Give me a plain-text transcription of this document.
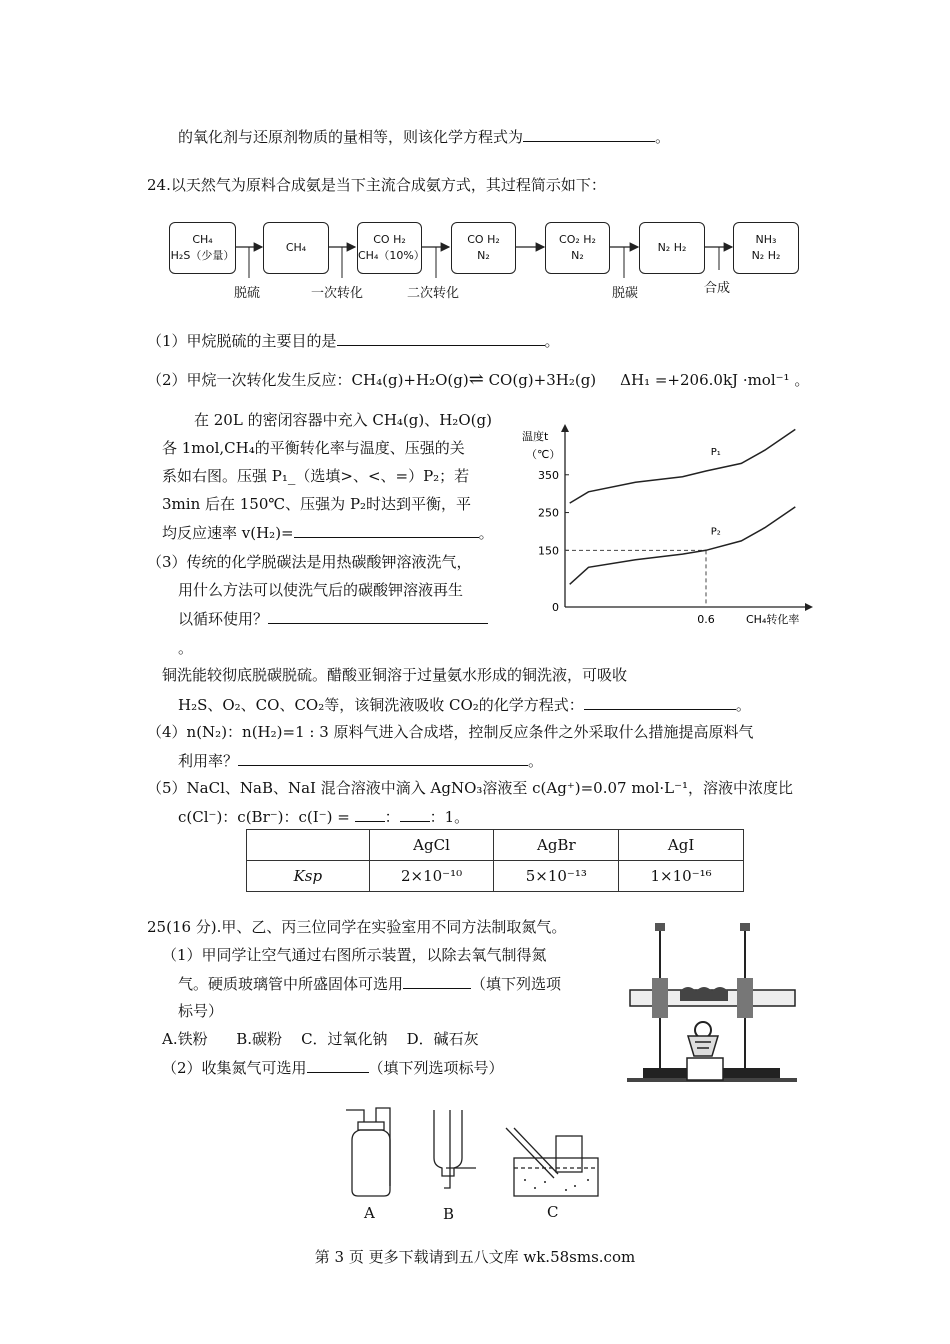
的氧化剂与还原剂物质的量相等，则该化学方程式为	。
24.以天然气为原料合成氨是当下主流合成氨方式，其过程简示如下：
CH₄
H₂S（少量）
CH₄
CO H₂
CH₄（10%）
CO H₂
N₂
CO₂ H₂
N₂
N₂ H₂
NH₃
N₂ H₂
脱硫	一次转化	二次转化	脱碳	合成
（1）甲烷脱硫的主要目的是	。
（2）甲烷一次转化发生反应：CH₄(g)+H₂O(g)⇌ CO(g)+3H₂(g) ΔH₁ =+206.0kJ ·mol⁻¹ 。
在 20L 的密闭容器中充入 CH₄(g)、H₂O(g)
各 1mol,CH₄的平衡转化率与温度、压强的关
系如右图。压强 P₁_（选填>、<、=）P₂；若
3min 后在 150℃、压强为 P₂时达到平衡，平
均反应速率 v(H₂)=	。
（3）传统的化学脱碳法是用热碳酸钾溶液洗气，
用什么方法可以使洗气后的碳酸钾溶液再生
以循环使用？
。
温度t
（℃）
CH₄转化率
350
250
150
0
0.6
P₁
P₂
铜洗能较彻底脱碳脱硫。醋酸亚铜溶于过量氨水形成的铜洗液，可吸收
H₂S、O₂、CO、CO₂等，该铜洗液吸收 CO₂的化学方程式：	。
（4）n(N₂)：n(H₂)=1 : 3 原料气进入合成塔，控制反应条件之外采取什么措施提高原料气
利用率？	。
（5）NaCl、NaB、NaI 混合溶液中滴入 AgNO₃溶液至 c(Ag⁺)=0.07 mol·L⁻¹，溶液中浓度比
c(Cl⁻)：c(Br⁻)：c(I⁻) = ： ：1。
	AgCl	AgBr	AgI
Ksp	2×10⁻¹⁰	5×10⁻¹³	1×10⁻¹⁶
25(16 分).甲、乙、丙三位同学在实验室用不同方法制取氮气。
（1）甲同学让空气通过右图所示装置，以除去氧气制得氮
气。硬质玻璃管中所盛固体可选用	（填下列选项
标号）
A.铁粉      B.碳粉    C．过氧化钠    D．碱石灰
（2）收集氮气可选用	（填下列选项标号）
A	B	C
第 3 页 更多下载请到五八文库 wk.58sms.com
